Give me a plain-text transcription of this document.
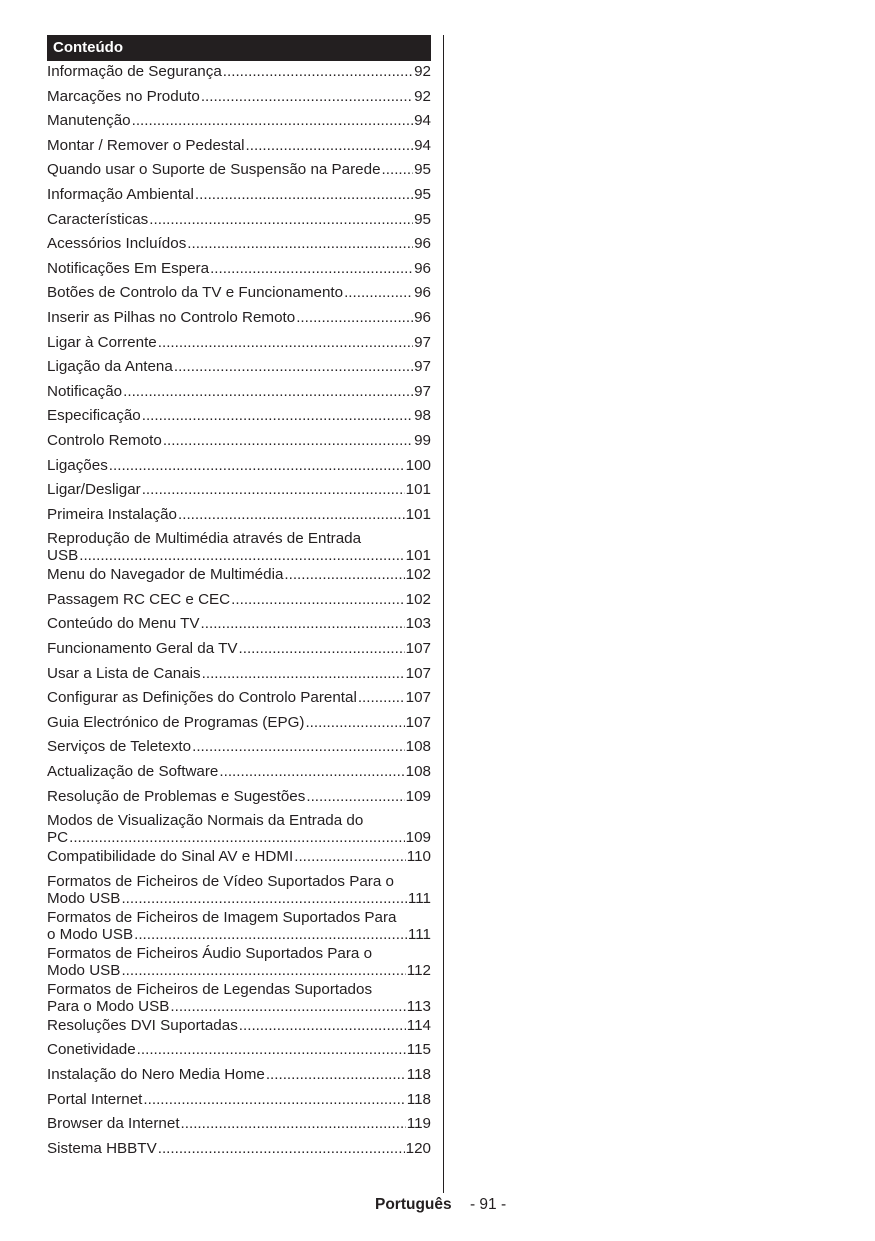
Conteúdo
Informação de Segurança .....	92
Marcações no Produto .....	92
Manutenção .....	94
Montar / Remover o Pedestal .....	94
Quando usar o Suporte de Suspensão na Parede ..... 95
Informação Ambiental .....	95
Características .....	95
Acessórios Incluídos .....	96
Notificações Em Espera .....	96
Botões de Controlo da TV e Funcionamento .....	96
Inserir as Pilhas no Controlo Remoto .....	96
Ligar à Corrente .....	97
Ligação da Antena .....	97
Notificação .....	97
Especificação .....	98
Controlo Remoto .....	99
Ligações .....	100
Ligar/Desligar .....	101
Primeira Instalação .....	101
Reprodução de Multimédia através de Entrada
USB .....	101
Menu do Navegador de Multimédia .....	102
Passagem RC CEC e CEC .....	102
Conteúdo do Menu TV .....	103
Funcionamento Geral da TV .....	107
Usar a Lista de Canais .....	107
Configurar as Definições do Controlo Parental .....	107
Guia Electrónico de Programas (EPG) .....	107
Serviços de Teletexto .....	108
Actualização de Software .....	108
Resolução de Problemas e Sugestões .....	109
Modos de Visualização Normais da Entrada do
PC .....	109
Compatibilidade do Sinal AV e HDMI .....	110
Formatos de Ficheiros de Vídeo Suportados Para o
Modo USB .....	111
Formatos de Ficheiros de Imagem Suportados Para
o Modo USB .....	111
Formatos de Ficheiros Áudio Suportados Para o
Modo USB .....	112
Formatos de Ficheiros de Legendas Suportados
Para o Modo USB .....	113
Resoluções DVI Suportadas .....	114
Conetividade .....	115
Instalação do Nero Media Home .....	118
Portal Internet .....	118
Browser da Internet .....	119
Sistema HBBTV .....	120
Português - 91 -
